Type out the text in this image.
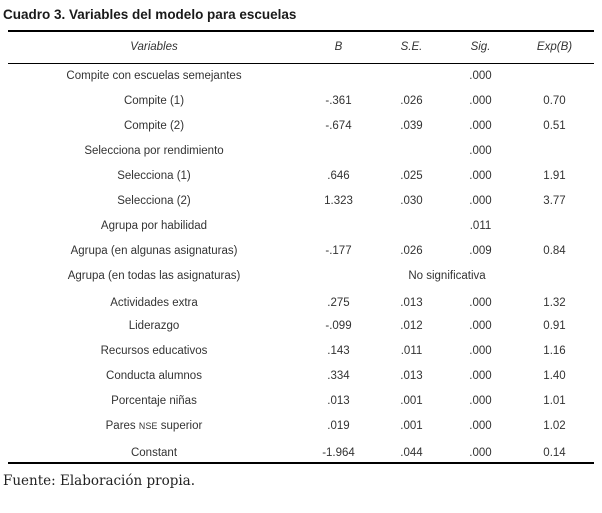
Cuadro 3. Variables del modelo para escuelas
Variables	B	S.E.	Sig.	Exp(B)
Compite con escuelas semejantes			.000	
Compite (1)	-.361	.026	.000	0.70
Compite (2)	-.674	.039	.000	0.51
Selecciona por rendimiento			.000	
Selecciona (1)	.646	.025	.000	1.91
Selecciona (2)	1.323	.030	.000	3.77
Agrupa por habilidad			.011	
Agrupa (en algunas asignaturas)	-.177	.026	.009	0.84
Agrupa (en todas las asignaturas)	No significativa			
Actividades extra	.275	.013	.000	1.32
Liderazgo	-.099	.012	.000	0.91
Recursos educativos	.143	.011	.000	1.16
Conducta alumnos	.334	.013	.000	1.40
Porcentaje niñas	.013	.001	.000	1.01
Pares NSE superior	.019	.001	.000	1.02
Constant	-1.964	.044	.000	0.14

Fuente: Elaboración propia.
